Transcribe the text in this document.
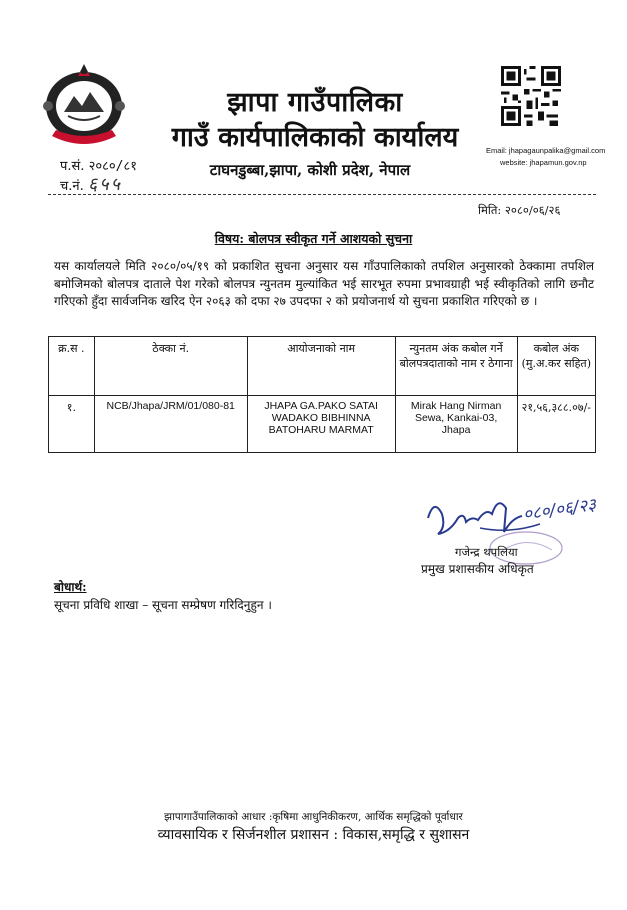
झापा गाउँपालिका
गाउँ कार्यपालिकाको कार्यालय
टाघनडुब्बा,झापा, कोशी प्रदेश, नेपाल
प.सं. २०८०/८१
च.नं. ६५५
Email: jhapagaunpalika@gmail.com
website: jhapamun.gov.np
मिति: २०८०/०६/२६
विषय: बोलपत्र स्वीकृत गर्ने आशयको सुचना
यस कार्यालयले मिति २०८०/०५/१९ को प्रकाशित सुचना अनुसार यस गाँउपालिकाको तपशिल अनुसारको ठेक्कामा तपशिल बमोजिमको बोलपत्र दाताले पेश गरेको बोलपत्र न्युनतम मुल्यांकित भई सारभूत रुपमा प्रभावग्राही भई स्वीकृतिको लागि छनौट गरिएको हुँदा सार्वजनिक खरिद ऐन २०६३ को दफा २७ उपदफा २ को प्रयोजनार्थ यो सुचना प्रकाशित गरिएको छ ।
क्र.स .	ठेक्का नं.	आयोजनाको नाम	न्युनतम अंक कबोल गर्ने बोलपत्रदाताको नाम र ठेगाना	कबोल अंक (मु.अ.कर सहित)
१.	NCB/Jhapa/JRM/01/080-81	JHAPA GA.PAKO SATAI WADAKO BIBHINNA BATOHARU MARMAT	Mirak Hang Nirman Sewa, Kankai-03, Jhapa	२१,५६,३८८.०७/-
०८०/०६/२३
गजेन्द्र थपलिया
प्रमुख प्रशासकीय अधिकृत
बोधार्थ:
सूचना प्रविधि शाखा – सूचना सम्प्रेषण गरिदिनुहुन ।
झापागाउँपालिकाको आधार :कृषिमा आधुनिकीकरण, आर्थिक समृद्धिको पूर्वाधार
व्यावसायिक र सिर्जनशील प्रशासन : विकास,समृद्धि र सुशासन
